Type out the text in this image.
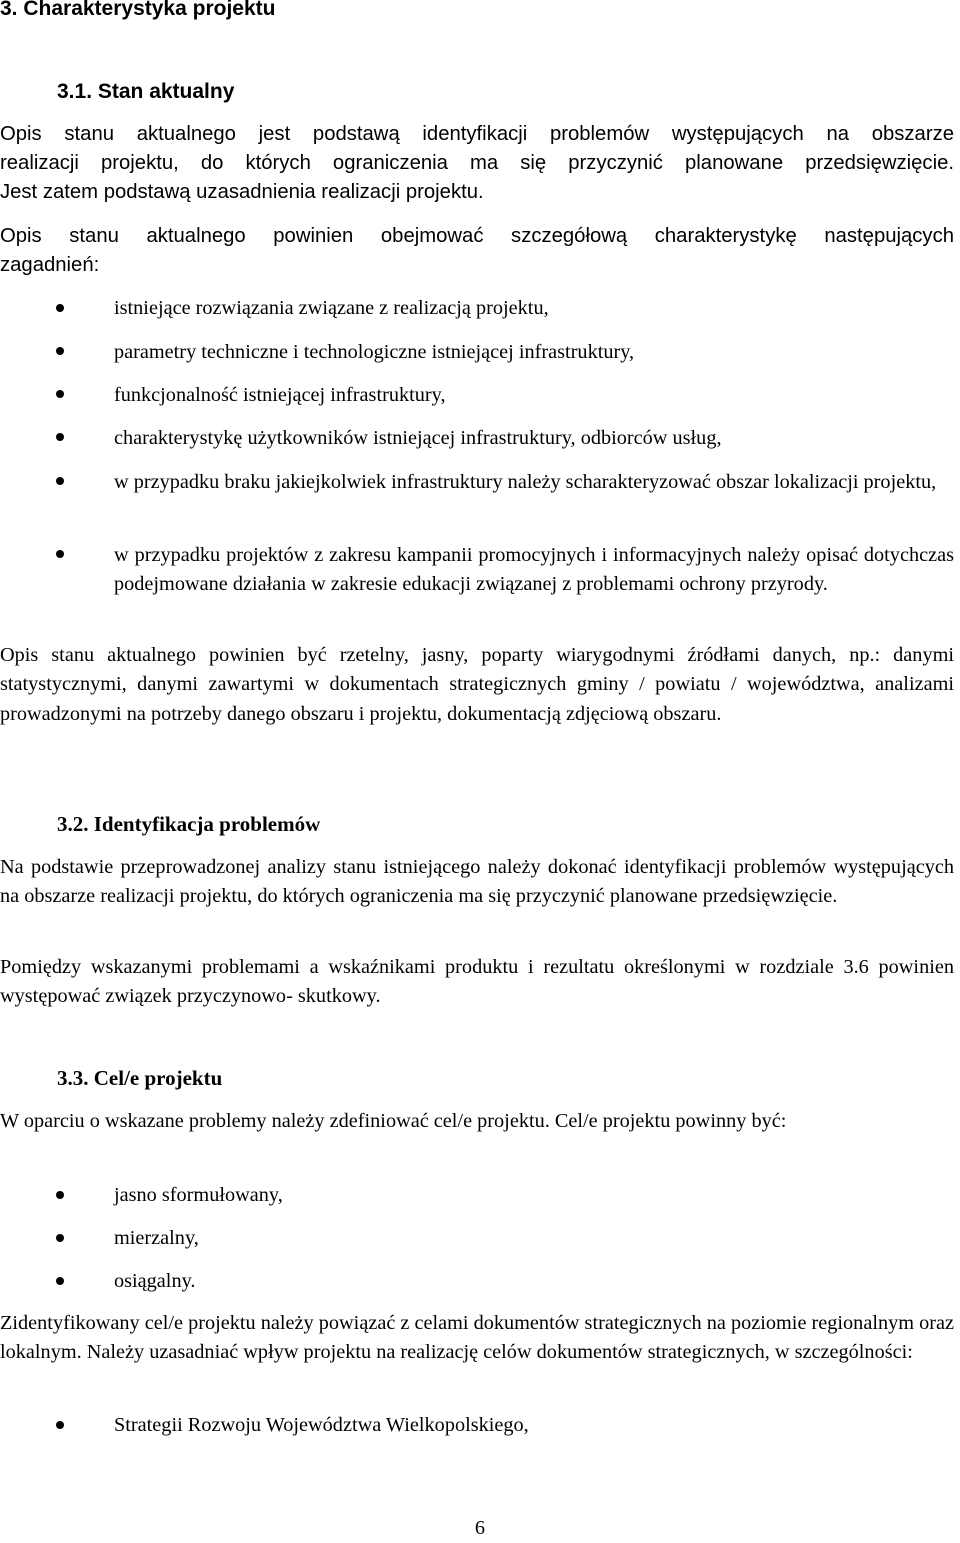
3. Charakterystyka projektu
3.1. Stan aktualny
Opis stanu aktualnego jest podstawą identyfikacji problemów występujących na obszarze
realizacji projektu, do których ograniczenia ma się przyczynić planowane przedsięwzięcie.
Jest zatem podstawą uzasadnienia realizacji projektu.
Opis stanu aktualnego powinien obejmować szczegółową charakterystykę następujących
zagadnień:
istniejące rozwiązania związane z realizacją projektu,
parametry techniczne i technologiczne istniejącej infrastruktury,
funkcjonalność istniejącej infrastruktury,
charakterystykę użytkowników istniejącej infrastruktury, odbiorców usług,
w przypadku braku jakiejkolwiek infrastruktury należy scharakteryzować obszar lokalizacji projektu,
w przypadku projektów z zakresu kampanii promocyjnych i informacyjnych należy opisać dotychczas podejmowane działania w zakresie edukacji związanej z problemami ochrony przyrody.
Opis stanu aktualnego powinien być rzetelny, jasny, poparty wiarygodnymi źródłami danych, np.: danymi statystycznymi, danymi zawartymi w dokumentach strategicznych gminy / powiatu / województwa, analizami prowadzonymi na potrzeby danego obszaru i projektu, dokumentacją zdjęciową obszaru.
3.2. Identyfikacja problemów
Na podstawie przeprowadzonej analizy stanu istniejącego należy dokonać identyfikacji problemów występujących na obszarze realizacji projektu, do których ograniczenia ma się przyczynić planowane przedsięwzięcie.
Pomiędzy wskazanymi problemami a wskaźnikami produktu i rezultatu określonymi w rozdziale 3.6 powinien występować związek przyczynowo- skutkowy.
3.3. Cel/e projektu
W oparciu o wskazane problemy należy zdefiniować cel/e projektu. Cel/e projektu powinny być:
jasno sformułowany,
mierzalny,
osiągalny.
Zidentyfikowany cel/e projektu należy powiązać z celami dokumentów strategicznych na poziomie regionalnym oraz lokalnym. Należy uzasadniać wpływ projektu na realizację celów dokumentów strategicznych, w szczególności:
Strategii Rozwoju Województwa Wielkopolskiego,
6
